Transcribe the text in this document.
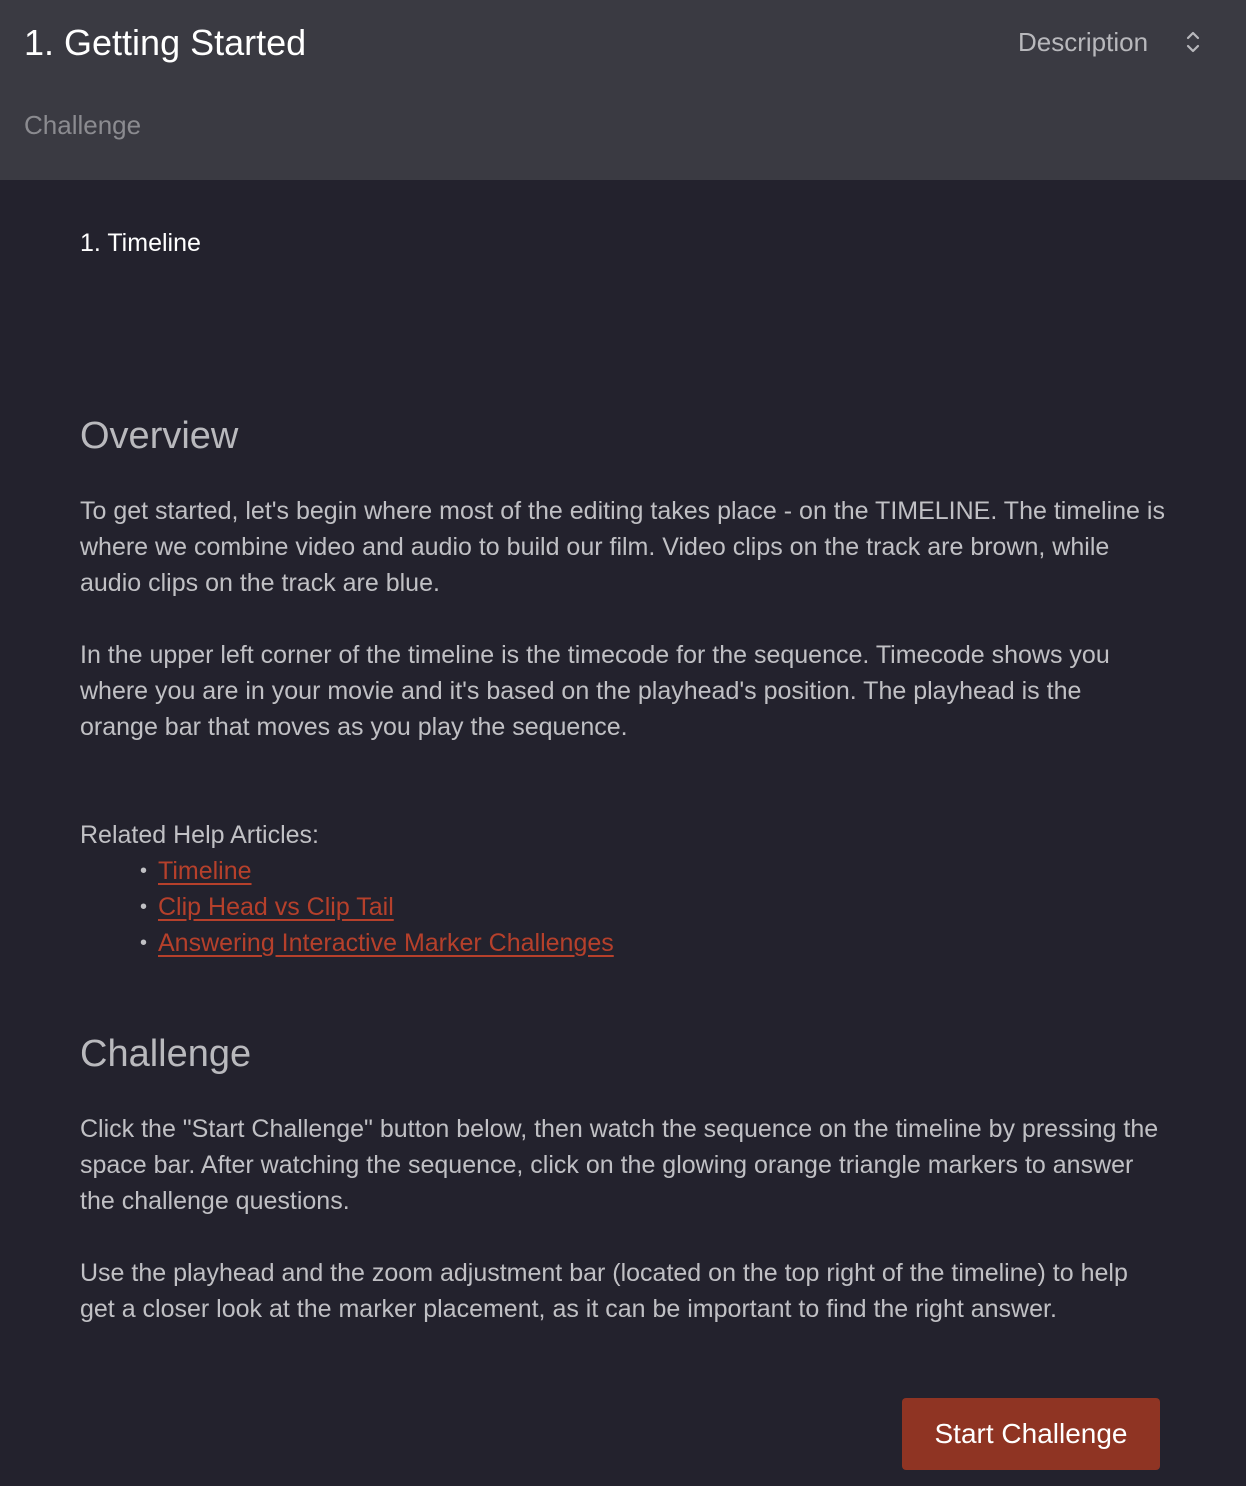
1. Getting Started
Challenge
Description
1. Timeline
Overview

To get started, let's begin where most of the editing takes place - on the TIMELINE. The timeline is where we combine video and audio to build our film. Video clips on the track are brown, while audio clips on the track are blue.

In the upper left corner of the timeline is the timecode for the sequence. Timecode shows you where you are in your movie and it's based on the playhead's position. The playhead is the orange bar that moves as you play the sequence.

Related Help Articles:
• Timeline
• Clip Head vs Clip Tail
• Answering Interactive Marker Challenges
Challenge

Click the "Start Challenge" button below, then watch the sequence on the timeline by pressing the space bar. After watching the sequence, click on the glowing orange triangle markers to answer the challenge questions.

Use the playhead and the zoom adjustment bar (located on the top right of the timeline) to help get a closer look at the marker placement, as it can be important to find the right answer.

Start Challenge
